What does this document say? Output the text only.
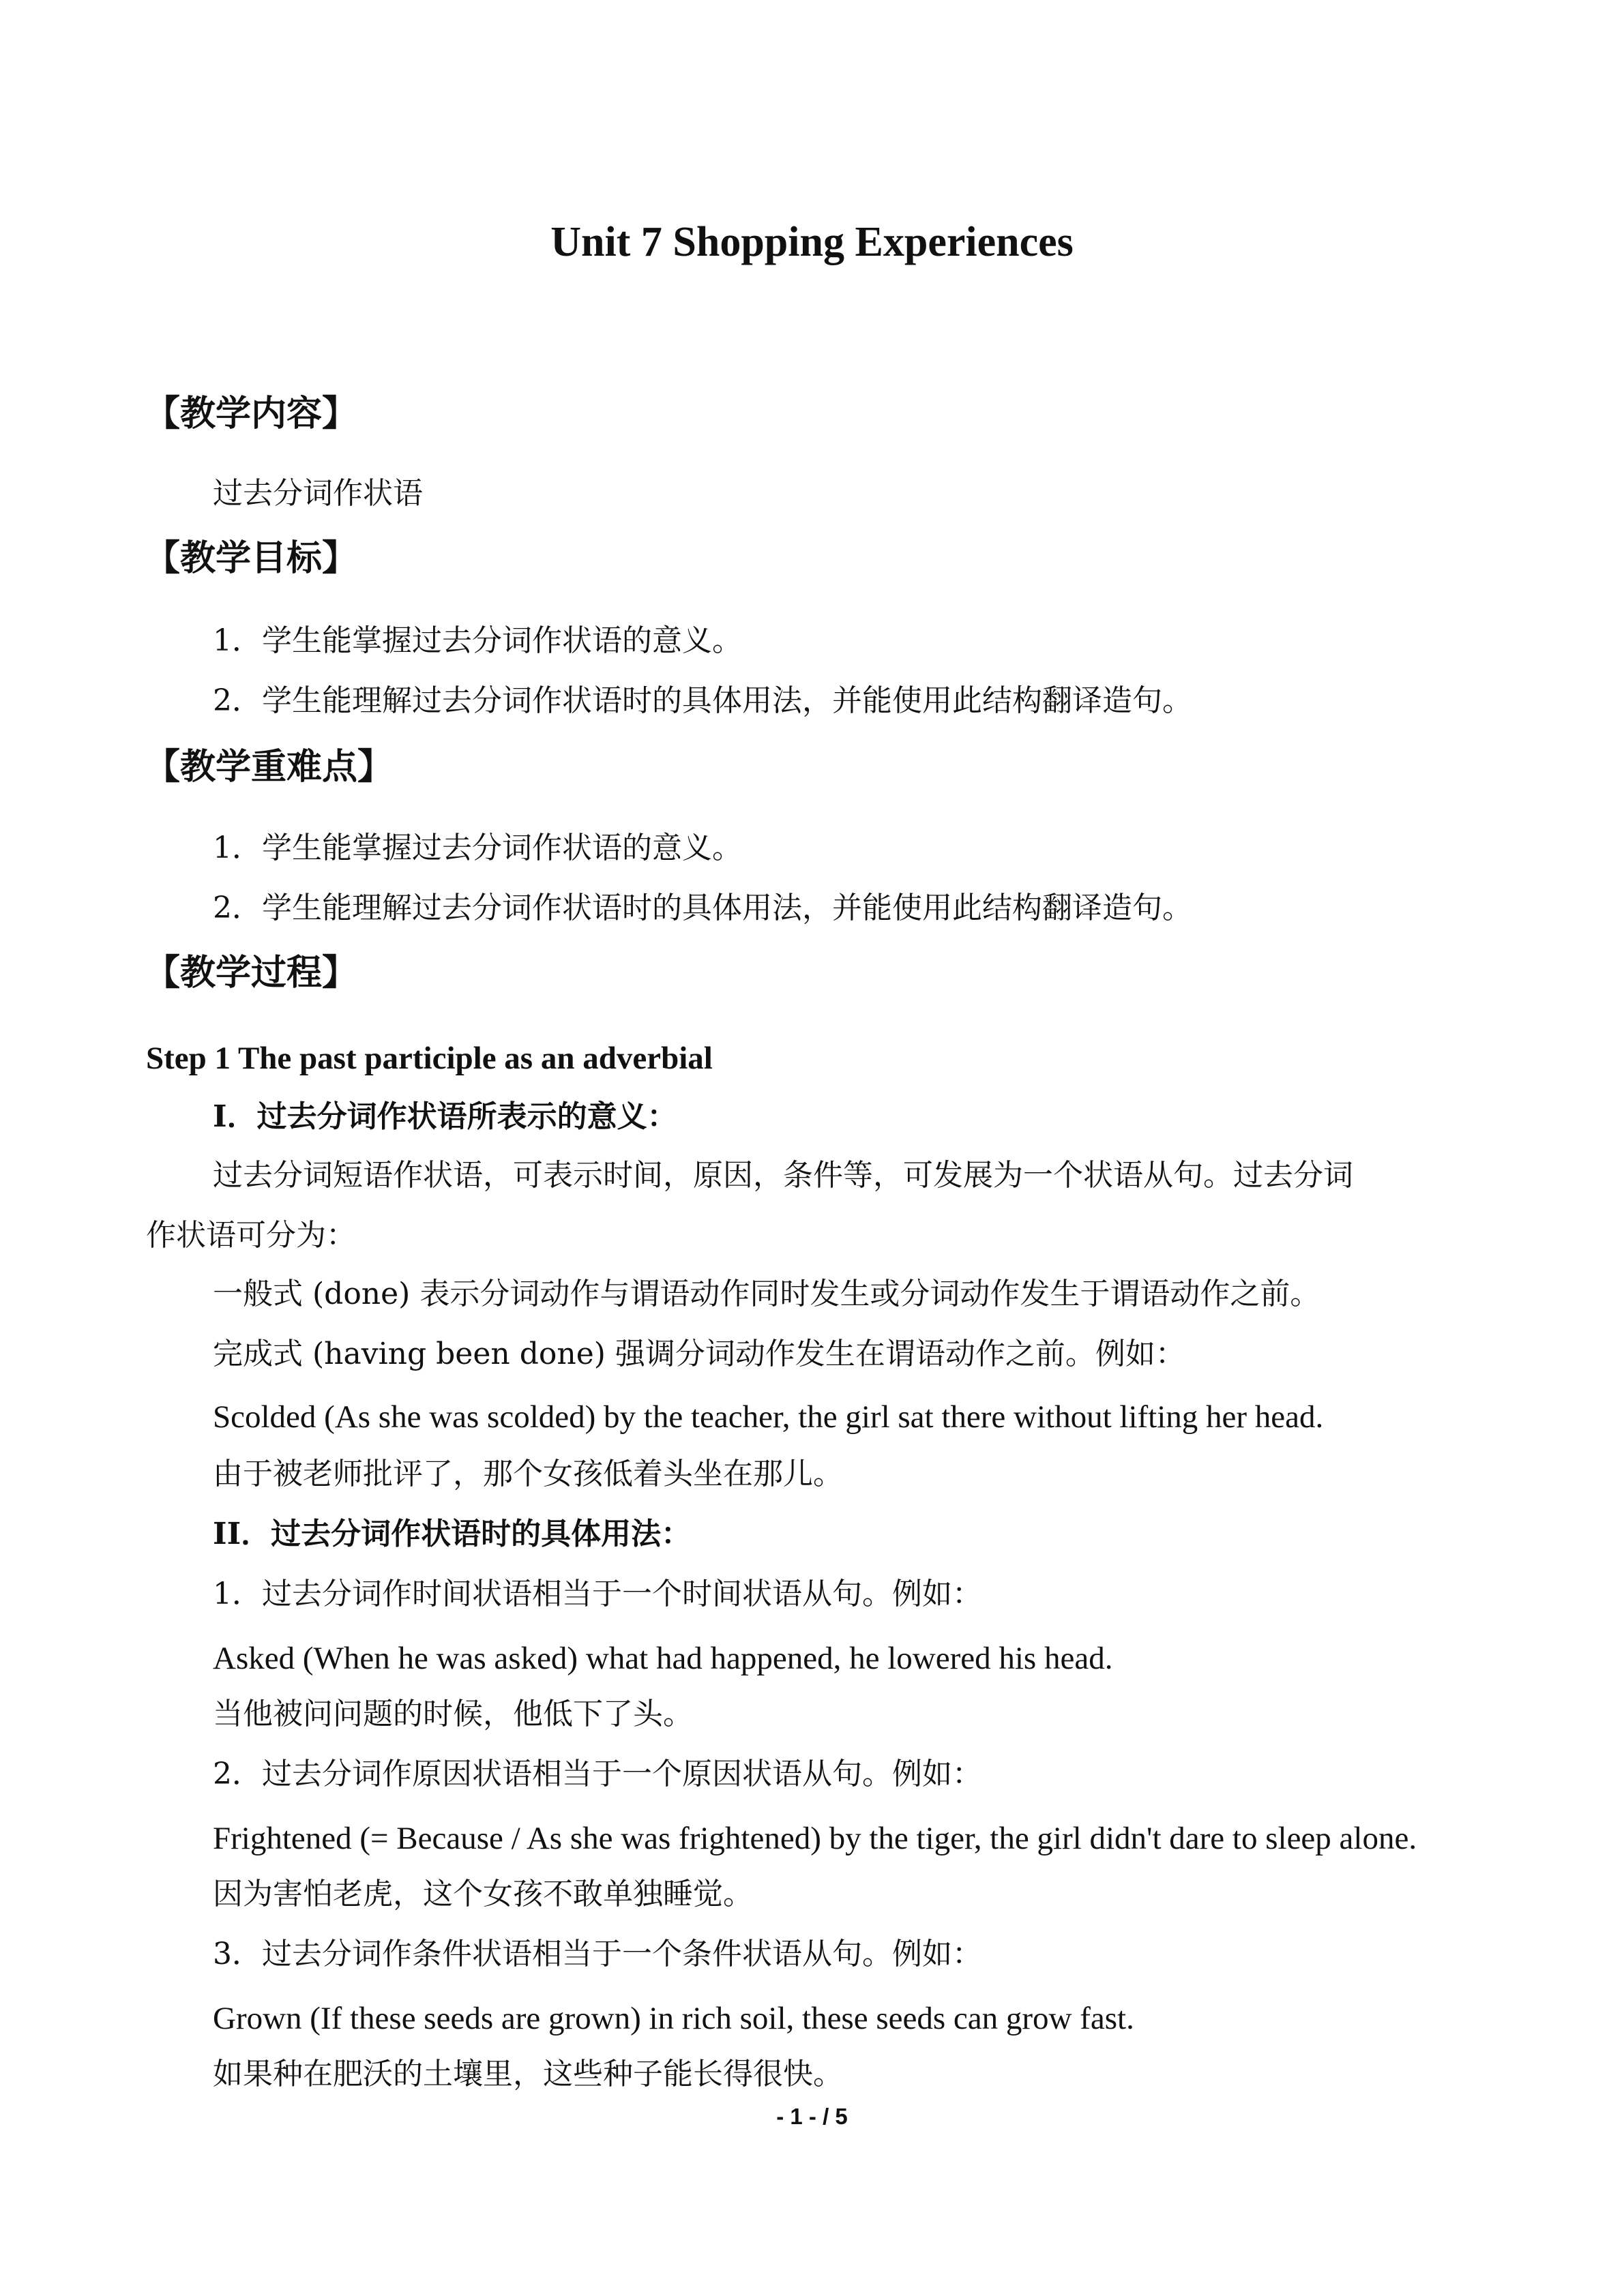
Unit 7 Shopping Experiences
【教学内容】
过去分词作状语
【教学目标】
1．学生能掌握过去分词作状语的意义。
2．学生能理解过去分词作状语时的具体用法，并能使用此结构翻译造句。
【教学重难点】
1．学生能掌握过去分词作状语的意义。
2．学生能理解过去分词作状语时的具体用法，并能使用此结构翻译造句。
【教学过程】
Step 1 The past participle as an adverbial
I．过去分词作状语所表示的意义：
过去分词短语作状语，可表示时间，原因，条件等，可发展为一个状语从句。过去分词
作状语可分为：
一般式 (done) 表示分词动作与谓语动作同时发生或分词动作发生于谓语动作之前。
完成式 (having been done) 强调分词动作发生在谓语动作之前。例如：
Scolded (As she was scolded) by the teacher, the girl sat there without lifting her head.
由于被老师批评了，那个女孩低着头坐在那儿。
II．过去分词作状语时的具体用法：
1．过去分词作时间状语相当于一个时间状语从句。例如：
Asked (When he was asked) what had happened, he lowered his head.
当他被问问题的时候，他低下了头。
2．过去分词作原因状语相当于一个原因状语从句。例如：
Frightened (= Because / As she was frightened) by the tiger, the girl didn't dare to sleep alone.
因为害怕老虎，这个女孩不敢单独睡觉。
3．过去分词作条件状语相当于一个条件状语从句。例如：
Grown (If these seeds are grown) in rich soil, these seeds can grow fast.
如果种在肥沃的土壤里，这些种子能长得很快。
- 1 - / 5
